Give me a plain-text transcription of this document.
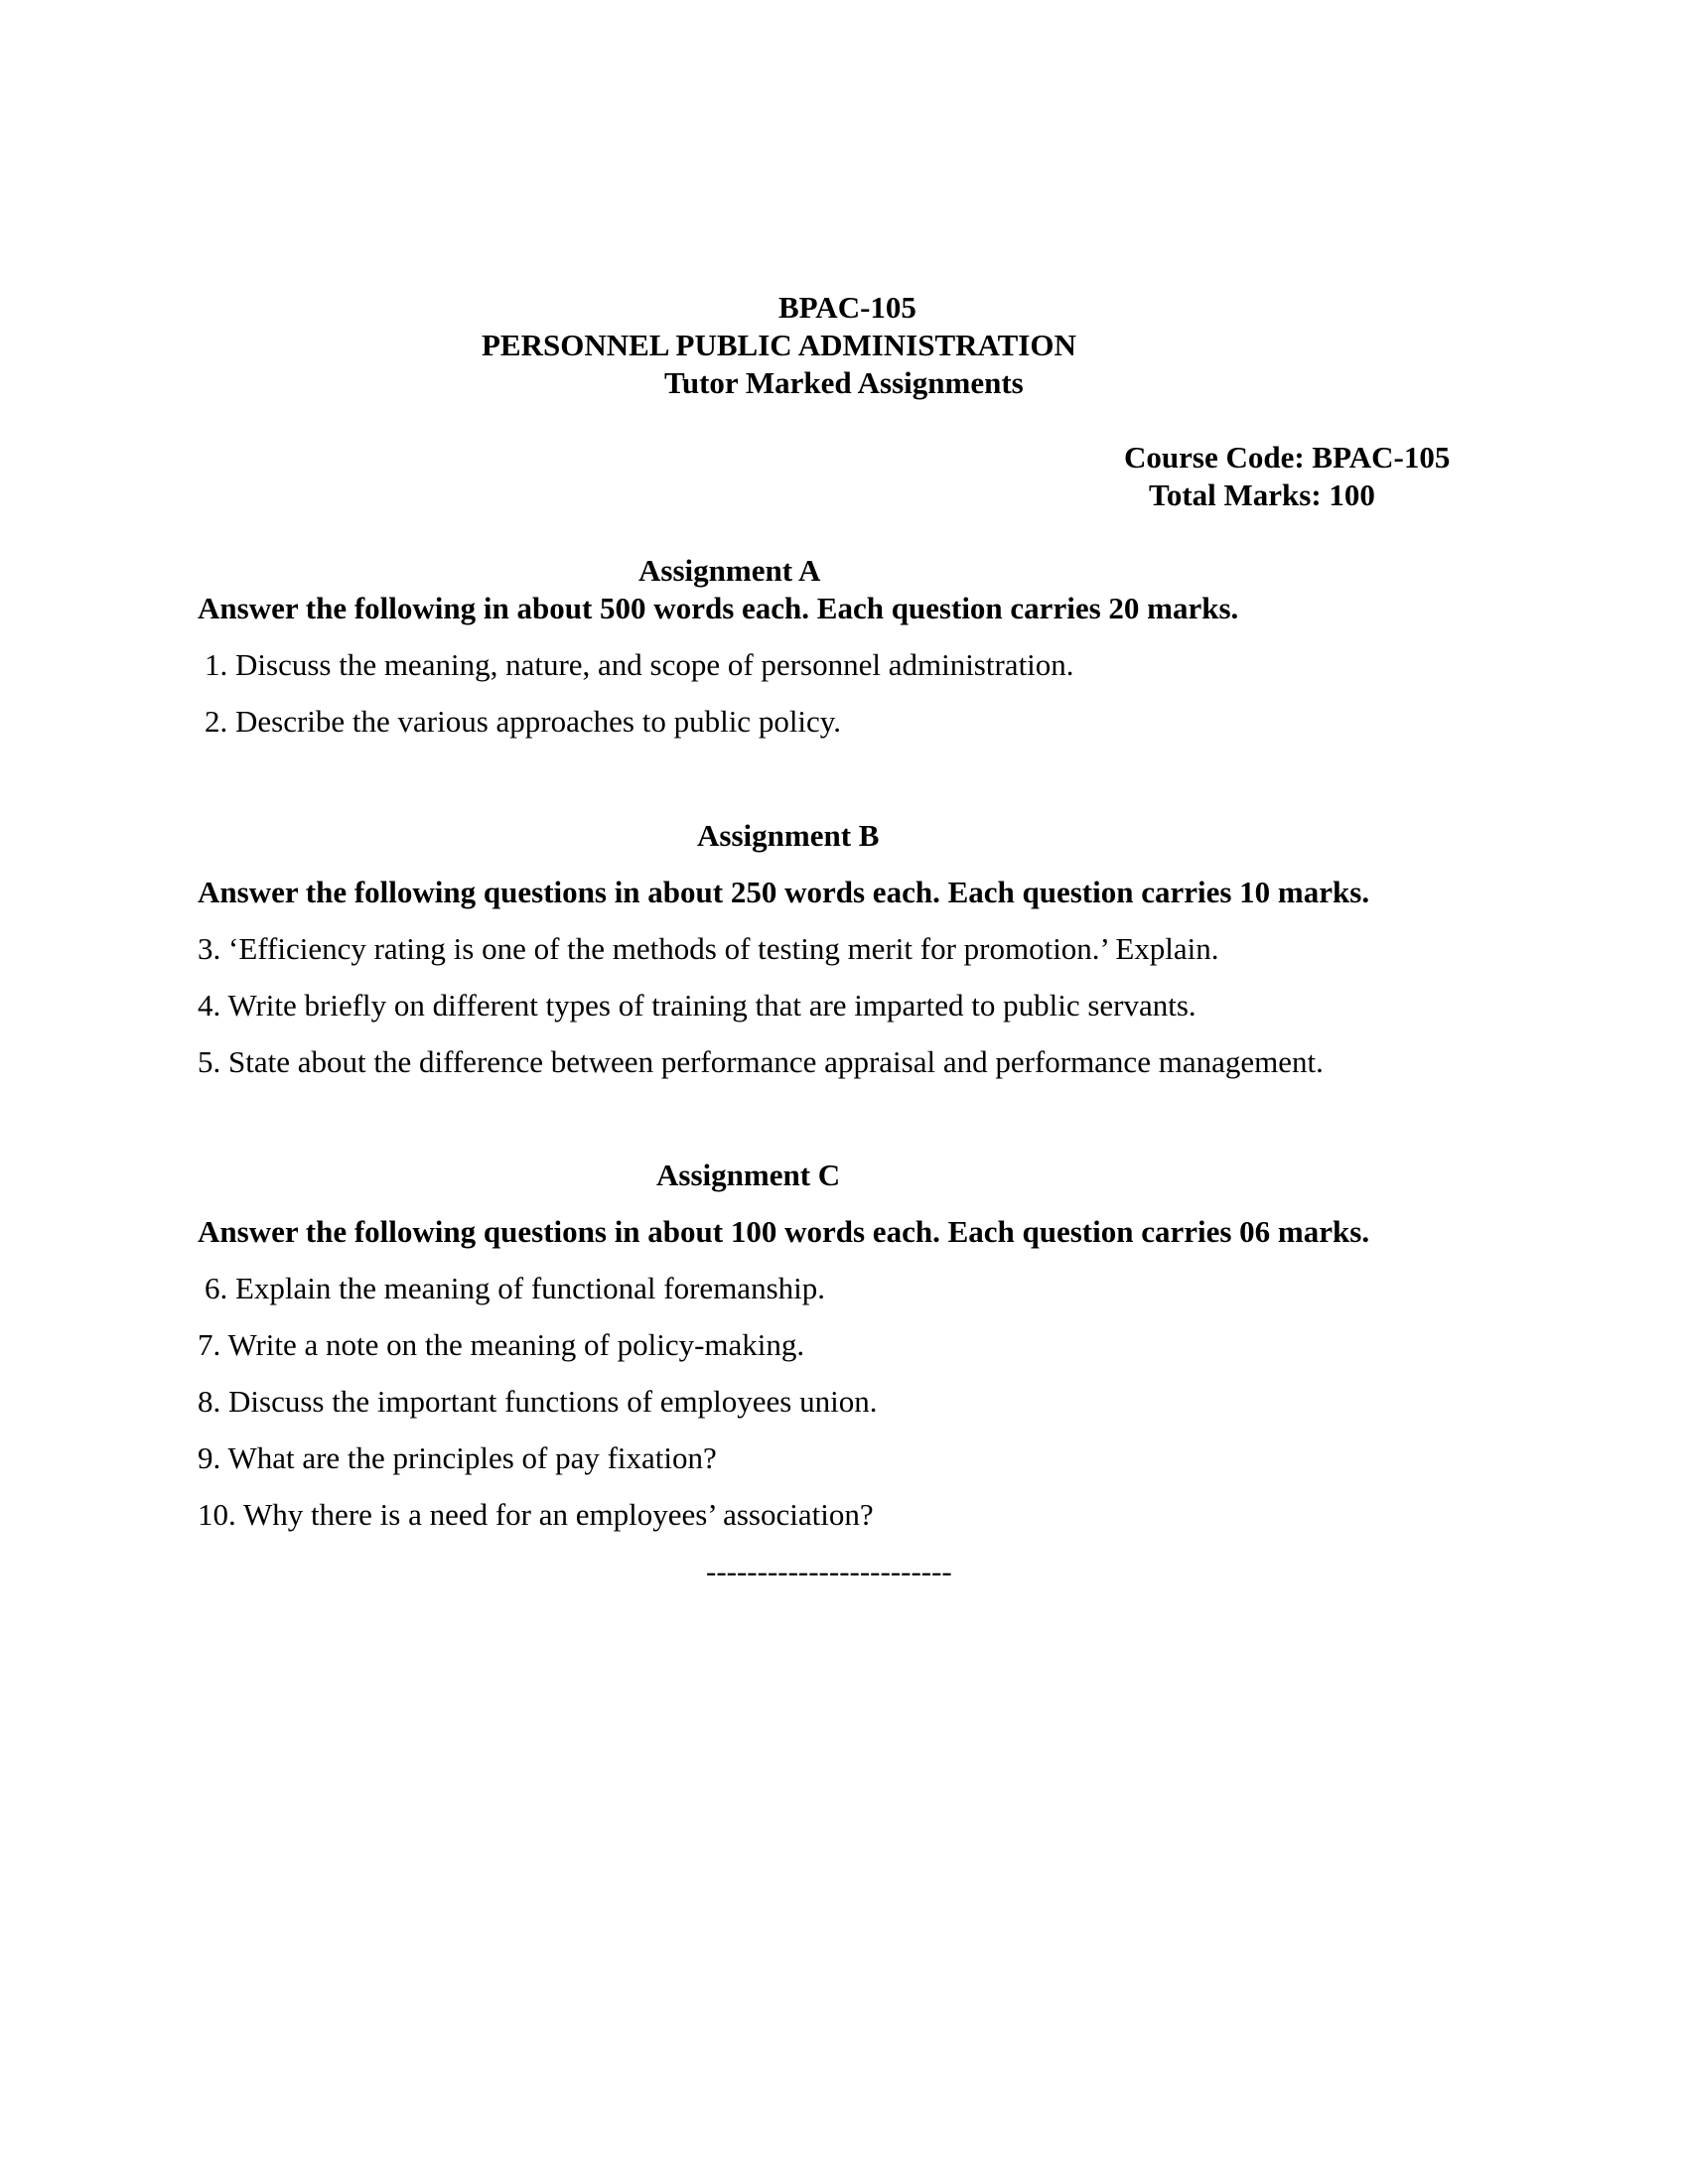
BPAC-105
PERSONNEL PUBLIC ADMINISTRATION
Tutor Marked Assignments
Course Code: BPAC-105
Total Marks: 100
Assignment A
Answer the following in about 500 words each. Each question carries 20 marks.
1. Discuss the meaning, nature, and scope of personnel administration.
2. Describe the various approaches to public policy.
Assignment B
Answer the following questions in about 250 words each. Each question carries 10 marks.
3. ‘Efficiency rating is one of the methods of testing merit for promotion.’ Explain.
4. Write briefly on different types of training that are imparted to public servants.
5. State about the difference between performance appraisal and performance management.
Assignment C
Answer the following questions in about 100 words each. Each question carries 06 marks.
6. Explain the meaning of functional foremanship.
7. Write a note on the meaning of policy-making.
8. Discuss the important functions of employees union.
9. What are the principles of pay fixation?
10. Why there is a need for an employees’ association?
------------------------
